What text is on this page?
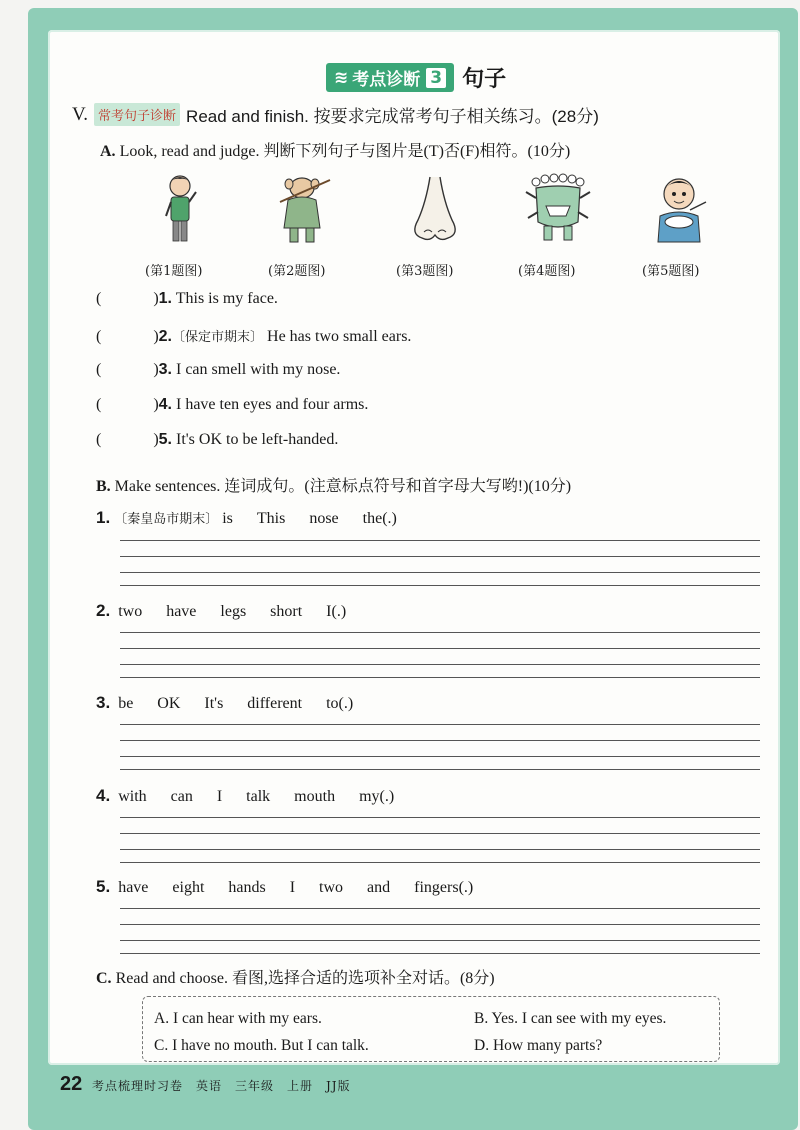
≋ 考点诊断 3 句子
V. 常考句子诊断 Read and finish. 按要求完成常考句子相关练习。(28分)
A. Look, read and judge. 判断下列句子与图片是(T)否(F)相符。(10分)
(第1题图)	(第2题图)	(第3题图)	(第4题图)	(第5题图)
(	)1. This is my face.
(	)2.〔保定市期末〕 He has two small ears.
(	)3. I can smell with my nose.
(	)4. I have ten eyes and four arms.
(	)5. It's OK to be left-handed.
B. Make sentences. 连词成句。(注意标点符号和首字母大写哟!)(10分)
1. 〔秦皇岛市期末〕 is This nose the(.)
2. two have legs short I(.)
3. be OK It's different to(.)
4. with can I talk mouth my(.)
5. have eight hands I two and fingers(.)
C. Read and choose. 看图,选择合适的选项补全对话。(8分)
A. I can hear with my ears.	B. Yes. I can see with my eyes.
C. I have no mouth. But I can talk.	D. How many parts?
22 考点梳理时习卷　英语　三年级　上册　JJ版
